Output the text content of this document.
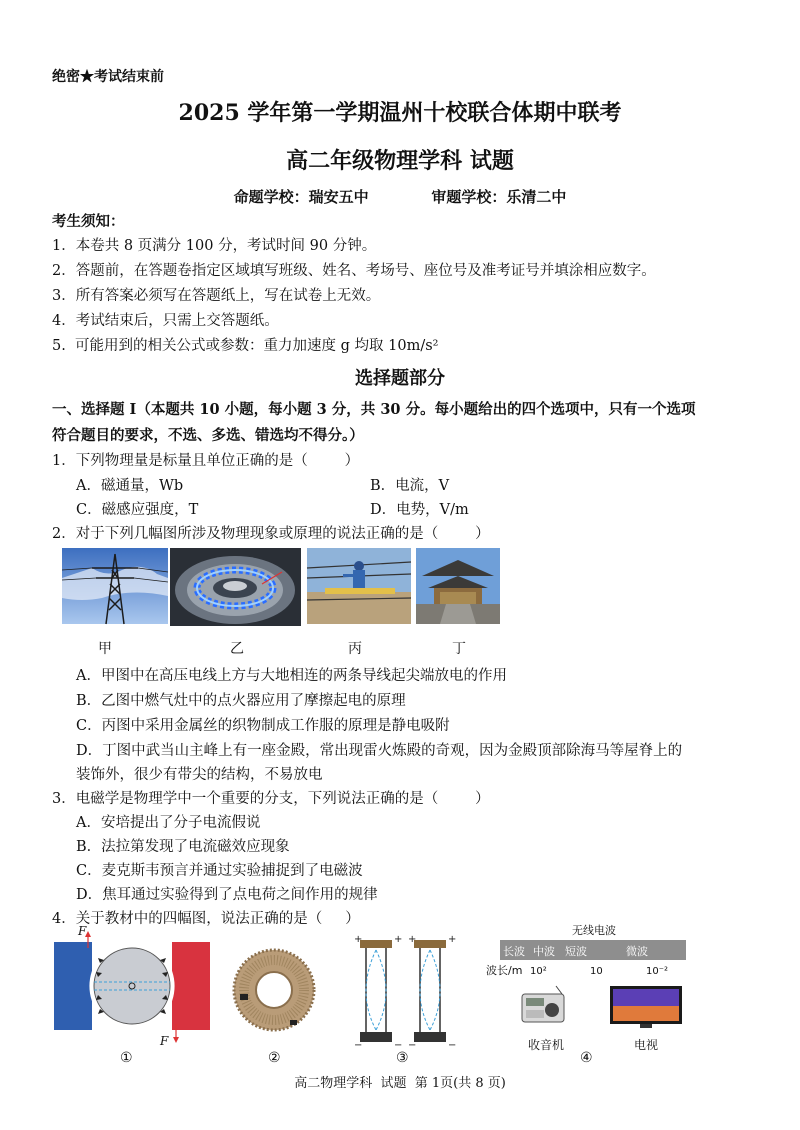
绝密★考试结束前
2025 学年第一学期温州十校联合体期中联考
高二年级物理学科 试题
命题学校：瑞安五中            审题学校：乐清二中
考生须知：
1．本卷共 8 页满分 100 分，考试时间 90 分钟。
2．答题前，在答题卷指定区域填写班级、姓名、考场号、座位号及准考证号并填涂相应数字。
3．所有答案必须写在答题纸上，写在试卷上无效。
4．考试结束后，只需上交答题纸。
5.  可能用到的相关公式或参数：重力加速度 g 均取 10m/s²
选择题部分
一、选择题 I（本题共 10 小题，每小题 3 分，共 30 分。每小题给出的四个选项中，只有一个选项
符合题目的要求，不选、多选、错选均不得分。）
1．下列物理量是标量且单位正确的是（        ）
A．磁通量，Wb	B．电流，V
C．磁感应强度，T	D．电势，V/m
2．对于下列几幅图所涉及物理现象或原理的说法正确的是（        ）
甲	乙	丙	丁
A．甲图中在高压电线上方与大地相连的两条导线起尖端放电的作用
B．乙图中燃气灶中的点火器应用了摩擦起电的原理
C．丙图中采用金属丝的织物制成工作服的原理是静电吸附
D．丁图中武当山主峰上有一座金殿，常出现雷火炼殿的奇观，因为金殿顶部除海马等屋脊上的
装饰外，很少有带尖的结构，不易放电
3．电磁学是物理学中一个重要的分支，下列说法正确的是（        ）
A．安培提出了分子电流假说
B．法拉第发现了电流磁效应现象
C．麦克斯韦预言并通过实验捕捉到了电磁波
D．焦耳通过实验得到了点电荷之间作用的规律
4．关于教材中的四幅图，说法正确的是（     ）
F
F
+	+
−	−
+	+
−	−
无线电波
长波 中波 短波	微波
波长/m 10²	10	10⁻²
收音机	电视
①	②	③	④
高二物理学科  试题  第 1页(共 8 页)
